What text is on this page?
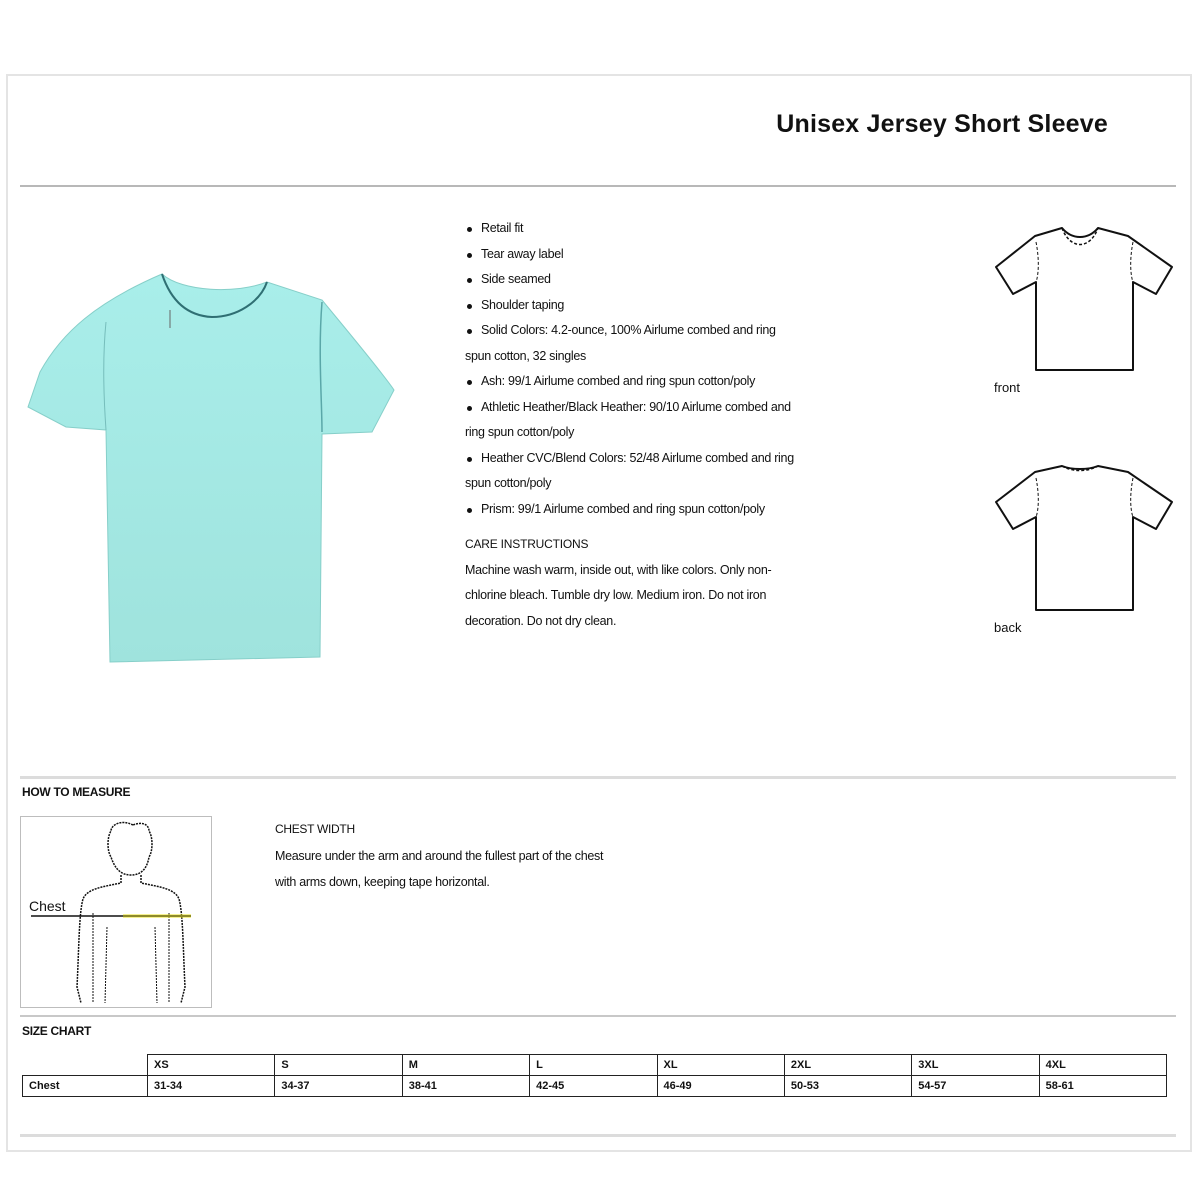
Unisex Jersey Short Sleeve
Retail fit
Tear away label
Side seamed
Shoulder taping
Solid Colors: 4.2-ounce, 100% Airlume combed and ring
spun cotton, 32 singles
Ash: 99/1 Airlume combed and ring spun cotton/poly
Athletic Heather/Black Heather: 90/10 Airlume combed and
ring spun cotton/poly
Heather CVC/Blend Colors: 52/48 Airlume combed and ring
spun cotton/poly
Prism: 99/1 Airlume combed and ring spun cotton/poly
CARE INSTRUCTIONS

Machine wash warm, inside out, with like colors. Only non-
chlorine bleach. Tumble dry low. Medium iron. Do not iron
decoration. Do not dry clean.

front
back
HOW TO MEASURE
Chest
CHEST WIDTH
Measure under the arm and around the fullest part of the chest
with arms down, keeping tape horizontal.
SIZE CHART
	XS	S	M	L	XL	2XL	3XL	4XL
Chest	31-34	34-37	38-41	42-45	46-49	50-53	54-57	58-61
